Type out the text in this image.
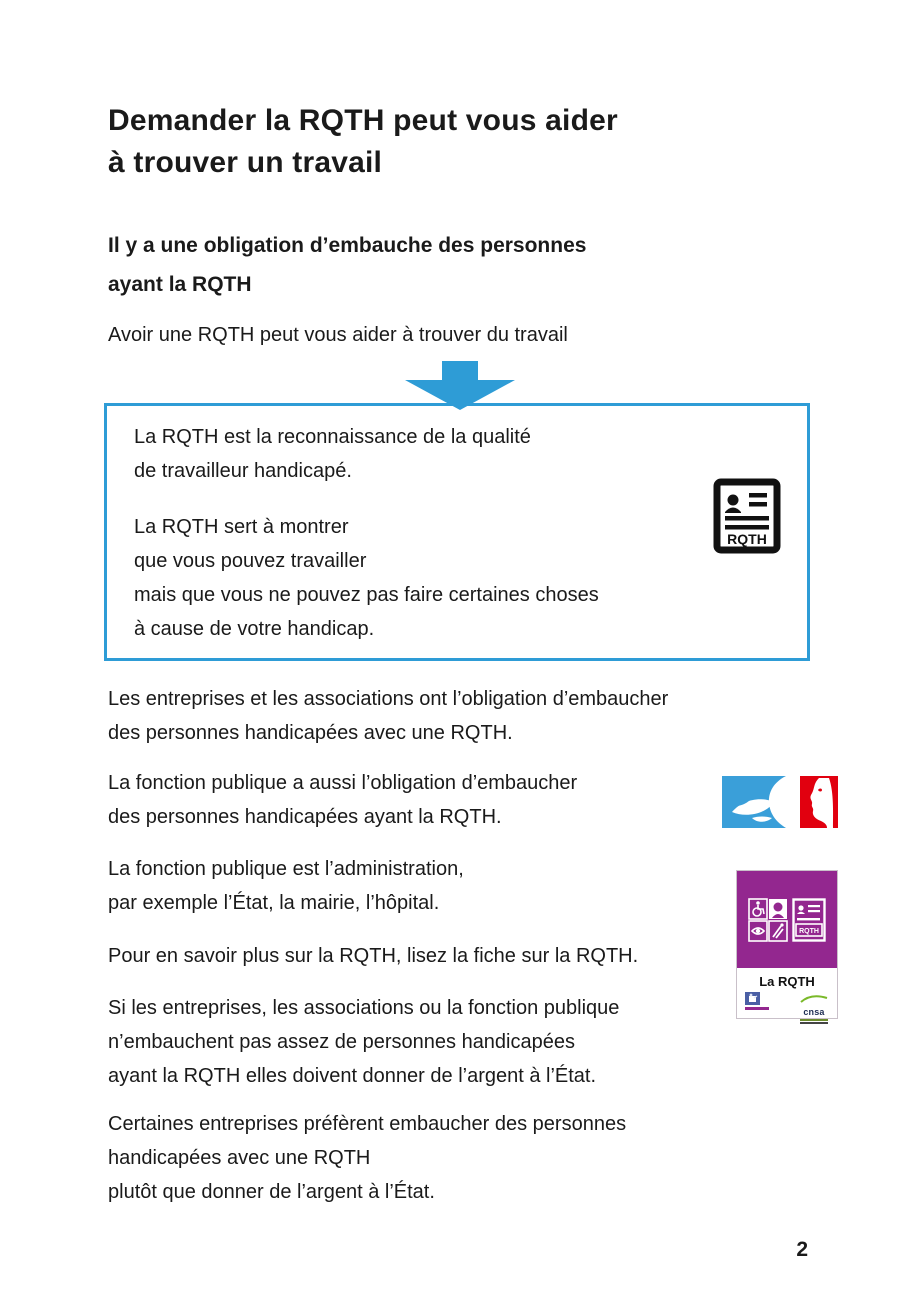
Demander la RQTH peut vous aider
à trouver un travail
Il y a une obligation d’embauche des personnes
ayant la RQTH

Avoir une RQTH peut vous aider à trouver du travail

La RQTH est la reconnaissance de la qualité
de travailleur handicapé.

La RQTH sert à montrer
que vous pouvez travailler
mais que vous ne pouvez pas faire certaines choses
à cause de votre handicap.

RQTH

Les entreprises et les associations ont l’obligation d’embaucher
des personnes handicapées avec une RQTH.

La fonction publique a aussi l’obligation d’embaucher
des personnes handicapées ayant la RQTH.

La fonction publique est l’administration,
par exemple l’État, la mairie, l’hôpital.

RQTH
La RQTH
cnsa

Pour en savoir plus sur la RQTH, lisez la fiche sur la RQTH.

Si les entreprises, les associations ou la fonction publique
n’embauchent pas assez de personnes handicapées
ayant la RQTH elles doivent donner de l’argent à l’État.

Certaines entreprises préfèrent embaucher des personnes
handicapées avec une RQTH
plutôt que donner de l’argent à l’État.

2
